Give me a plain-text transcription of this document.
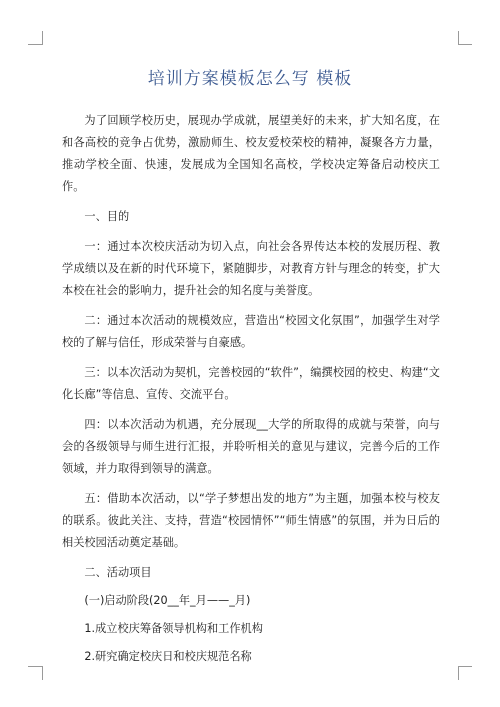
培训方案模板怎么写 模板

为了回顾学校历史，展现办学成就，展望美好的未来，扩大知名度，在和各高校的竞争占优势，激励师生、校友爱校荣校的精神，凝聚各方力量，推动学校全面、快速，发展成为全国知名高校，学校决定筹备启动校庆工作。

一、目的

一：通过本次校庆活动为切入点，向社会各界传达本校的发展历程、教学成绩以及在新的时代环境下，紧随脚步，对教育方针与理念的转变，扩大本校在社会的影响力，提升社会的知名度与美誉度。

二：通过本次活动的规模效应，营造出“校园文化氛围”，加强学生对学校的了解与信任，形成荣誉与自豪感。

三：以本次活动为契机，完善校园的“软件”，编撰校园的校史、构建“文化长廊”等信息、宣传、交流平台。

四：以本次活动为机遇，充分展现__大学的所取得的成就与荣誉，向与会的各级领导与师生进行汇报，并聆听相关的意见与建议，完善今后的工作领域，并力取得到领导的满意。

五：借助本次活动，以“学子梦想出发的地方”为主题，加强本校与校友的联系。彼此关注、支持，营造“校园情怀”“师生情感”的氛围，并为日后的相关校园活动奠定基础。

二、活动项目

(一)启动阶段(20__年_月——_月)

1.成立校庆筹备领导机构和工作机构

2.研究确定校庆日和校庆规范名称
